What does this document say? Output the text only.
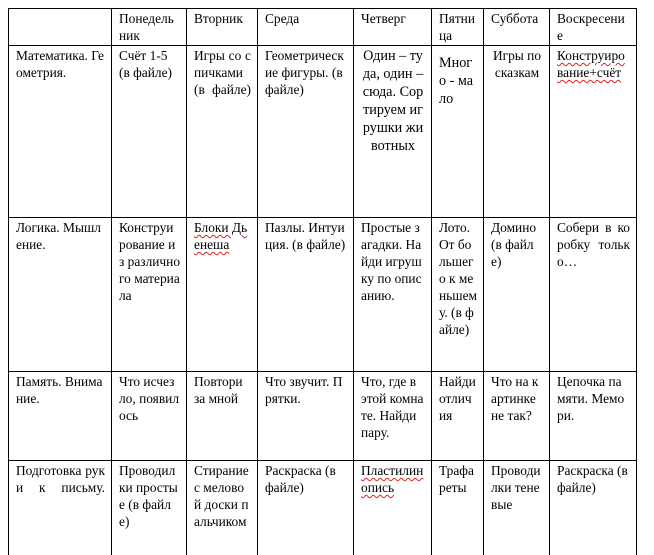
	Понедельник	Вторник	Среда	Четверг	Пятница	Суббота	Воскресение
Математика. Геометрия.	Счёт 1-5 (в файле)	Игры со спичками (в файле)	Геометрические фигуры. (в файле)	Один – туда, один – сюда. Сортируем игрушки животных	Много - мало	Игры по сказкам	Конструирование+счёт
Логика. Мышление.	Конструирование из различного материала	Блоки Дьенеша	Пазлы. Интуиция. (в файле)	Простые загадки. Найди игрушку по описанию.	Лото. От большего к меньшему. (в файле)	Домино (в файле)	Собери в коробку только…
Память. Внимание.	Что исчезло, появилось	Повтори за мной	Что звучит. Прятки.	Что, где в этой комнате. Найди пару.	Найди отличия	Что на картинке не так?	Цепочка памяти. Мемори.
Подготовка руки к письму.	Проводилки простые (в файле)	Стирание с меловой доски пальчиком	Раскраска (в файле)	Пластилинопись	Трафареты	Проводилки теневые	Раскраска (в файле)
